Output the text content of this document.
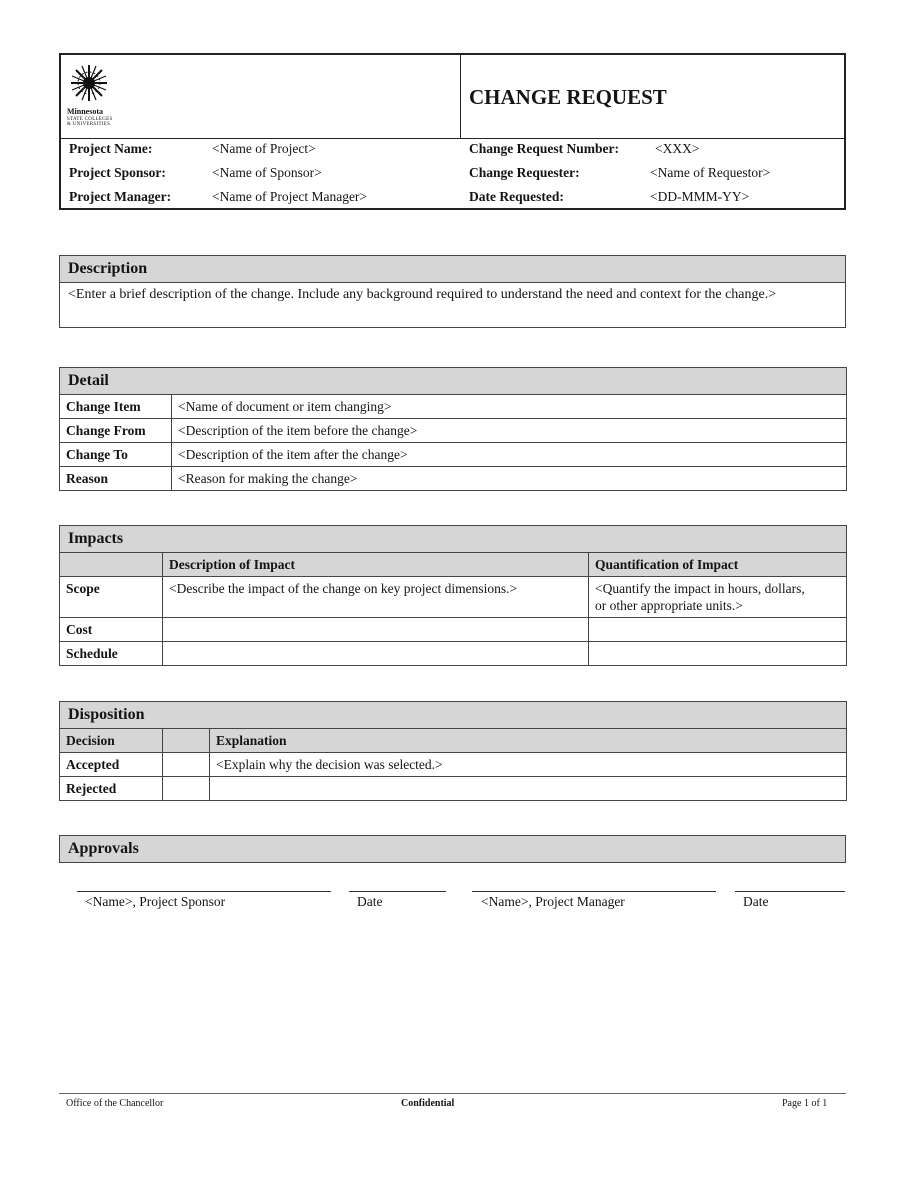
Minnesota
STATE COLLEGES
& UNIVERSITIES
CHANGE REQUEST
Project Name:	<Name of Project>
Project Sponsor:	<Name of Sponsor>
Project Manager:	<Name of Project Manager>
Change Request Number:	<XXX>
Change Requester:	<Name of Requestor>
Date Requested:	<DD-MMM-YY>
Description
<Enter a brief description of the change. Include any background required to understand the need and context for the change.>
Detail	
Change Item	<Name of document or item changing>
Change From	<Description of the item before the change>
Change To	<Description of the item after the change>
Reason	<Reason for making the change>
Impacts		
	Description of Impact	Quantification of Impact
Scope	<Describe the impact of the change on key project dimensions.>	<Quantify the impact in hours, dollars,
or other appropriate units.>

Cost		
Schedule		
Disposition		
Decision		Explanation
Accepted		<Explain why the decision was selected.>
Rejected		
Approvals
<Name>, Project Sponsor	Date	<Name>, Project Manager	Date
Office of the Chancellor	Confidential	Page 1 of 1
